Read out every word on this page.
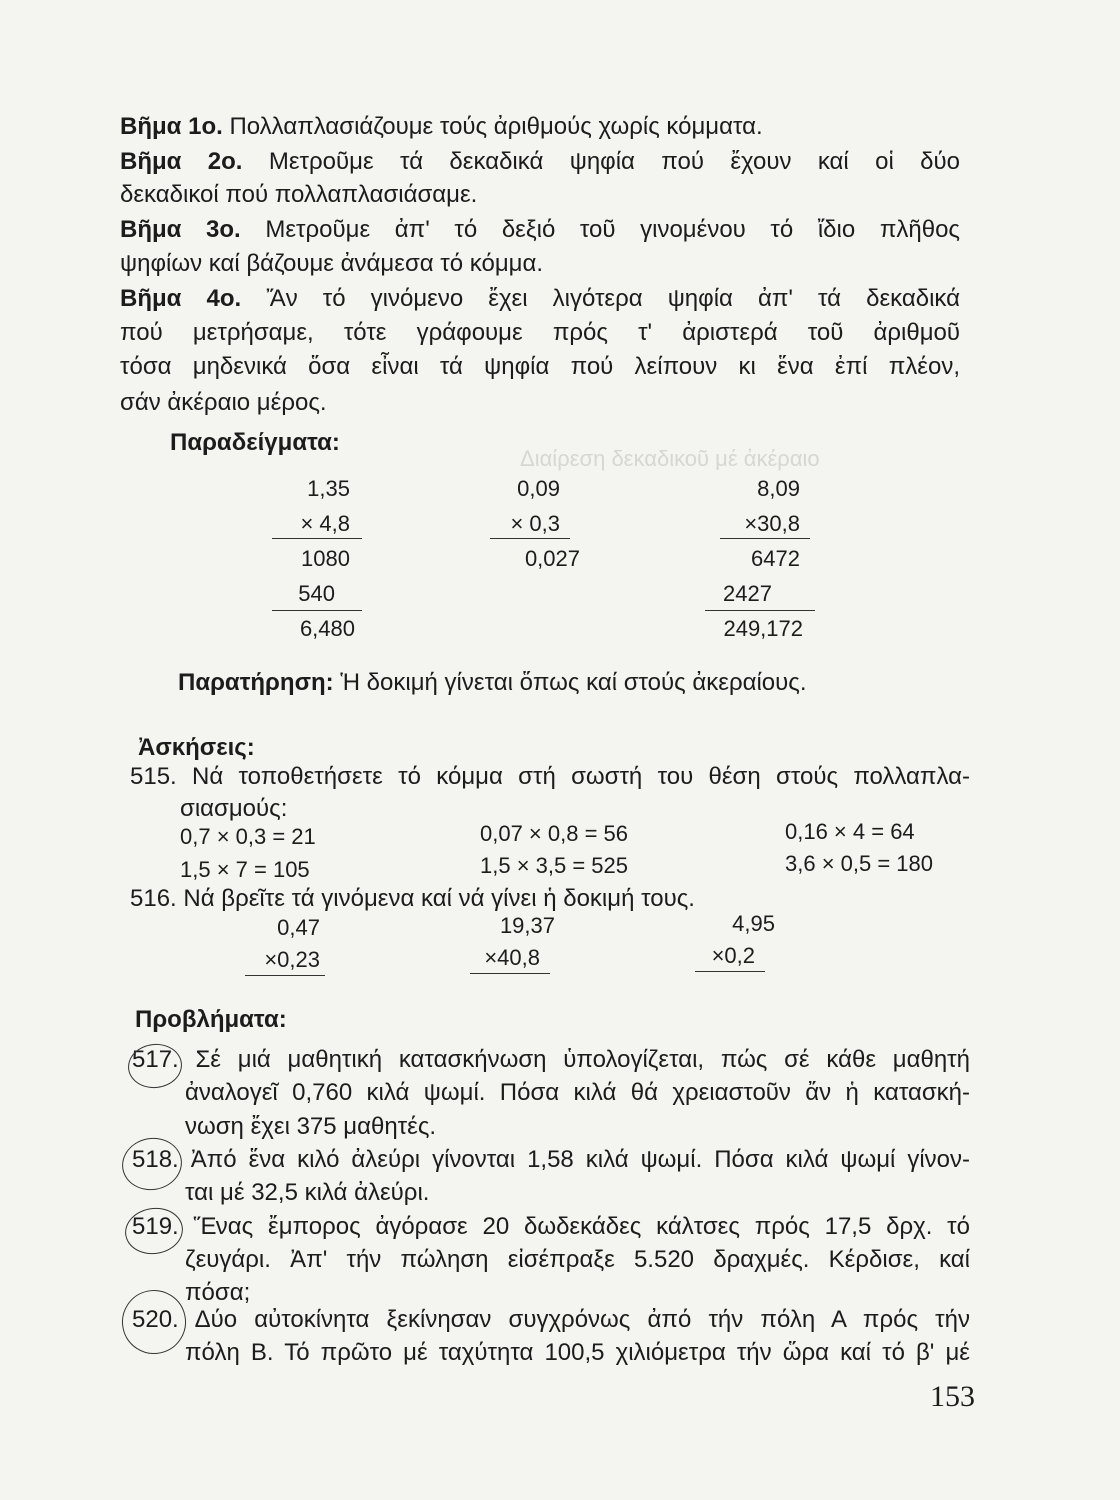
Διαίρεση δεκαδικοῦ μέ ἀκέραιο
Βῆμα 1ο. Πολλαπλασιάζουμε τούς ἀριθμούς χωρίς κόμματα.
Βῆμα 2ο. Μετροῦμε τά δεκαδικά ψηφία πού ἔχουν καί οἱ δύο
δεκαδικοί πού πολλαπλασιάσαμε.
Βῆμα 3ο. Μετροῦμε ἀπ' τό δεξιό τοῦ γινομένου τό ἴδιο πλῆθος
ψηφίων καί βάζουμε ἀνάμεσα τό κόμμα.
Βῆμα 4ο. Ἄν τό γινόμενο ἔχει λιγότερα ψηφία ἀπ' τά δεκαδικά
πού μετρήσαμε, τότε γράφουμε πρός τ' ἀριστερά τοῦ ἀριθμοῦ
τόσα μηδενικά ὅσα εἶναι τά ψηφία πού λείπουν κι ἕνα ἐπί πλέον,
σάν ἀκέραιο μέρος.
Παραδείγματα:
1,35
× 4,8
1080
540
6,480
0,09
× 0,3
0,027
8,09
×30,8
6472
2427
249,172
Παρατήρηση: Ἡ δοκιμή γίνεται ὅπως καί στούς ἀκεραίους.
Ἀσκήσεις:
515. Νά τοποθετήσετε τό κόμμα στή σωστή του θέση στούς πολλαπλα-
σιασμούς:
0,7 × 0,3 = 21	0,07 × 0,8 = 56	0,16 × 4 = 64
1,5 × 7 = 105	1,5 × 3,5 = 525	3,6 × 0,5 = 180
516. Νά βρεῖτε τά γινόμενα καί νά γίνει ἡ δοκιμή τους.
0,47
×0,23
19,37
×40,8
4,95
×0,2
Προβλήματα:
517. Σέ μιά μαθητική κατασκήνωση ὑπολογίζεται, πώς σέ κάθε μαθητή
ἀναλογεῖ 0,760 κιλά ψωμί. Πόσα κιλά θά χρειαστοῦν ἄν ἡ κατασκή-
νωση ἔχει 375 μαθητές.
518. Ἀπό ἕνα κιλό ἀλεύρι γίνονται 1,58 κιλά ψωμί. Πόσα κιλά ψωμί γίνον-
ται μέ 32,5 κιλά ἀλεύρι.
519. Ἕνας ἔμπορος ἀγόρασε 20 δωδεκάδες κάλτσες πρός 17,5 δρχ. τό
ζευγάρι. Ἀπ' τήν πώληση εἰσέπραξε 5.520 δραχμές. Κέρδισε, καί
πόσα;
520. Δύο αὐτοκίνητα ξεκίνησαν συγχρόνως ἀπό τήν πόλη Α πρός τήν
πόλη Β. Τό πρῶτο μέ ταχύτητα 100,5 χιλιόμετρα τήν ὥρα καί τό β' μέ
153
